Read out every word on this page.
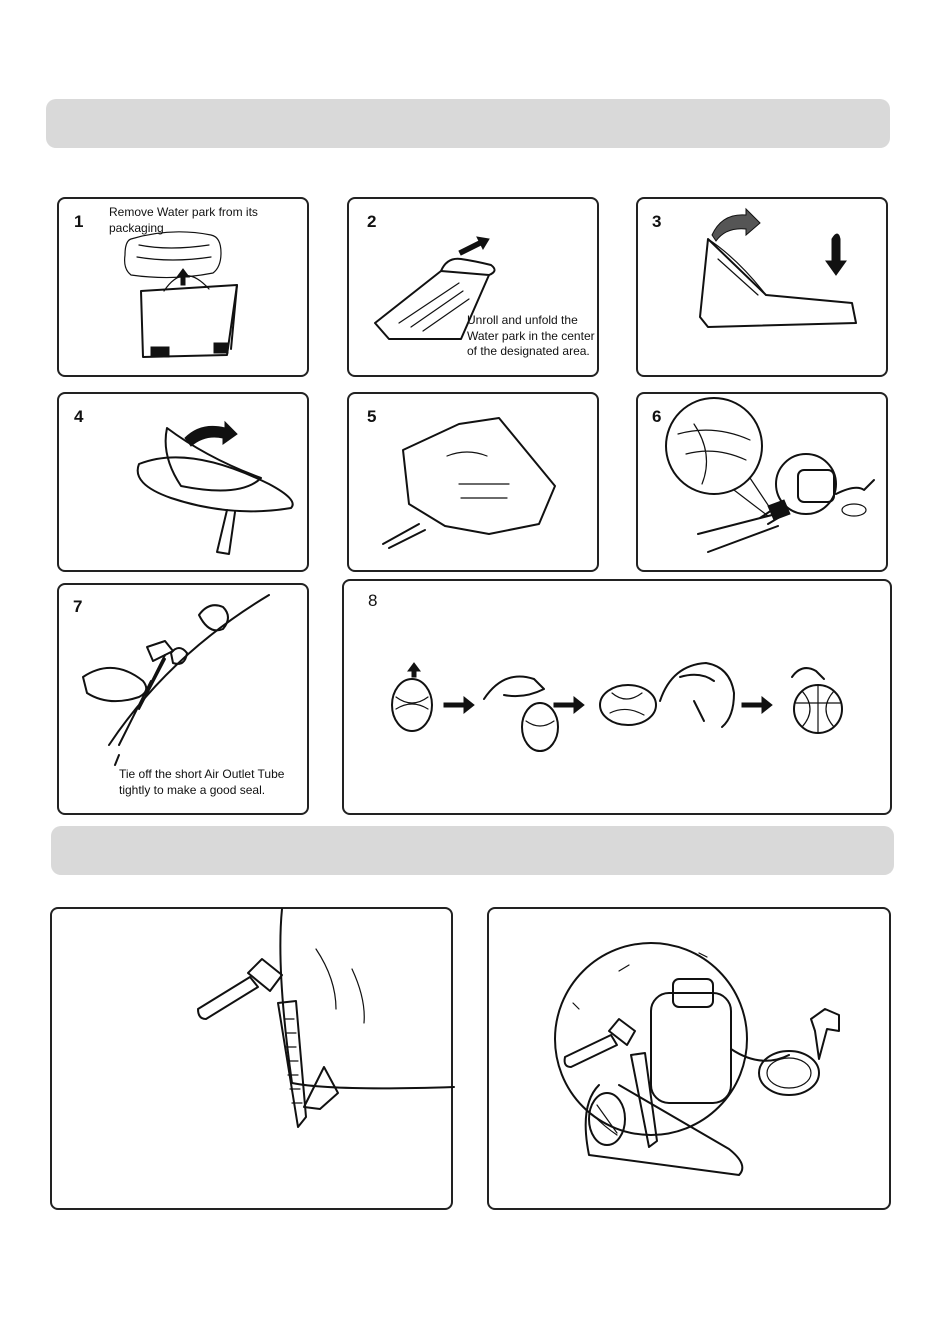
1 Remove Water park from its packaging	2
Unroll and unfold the Water park in the center of the designated area.
3
4	5	6
7
Tie off the short Air Outlet Tube tightly to make a good seal.
8
